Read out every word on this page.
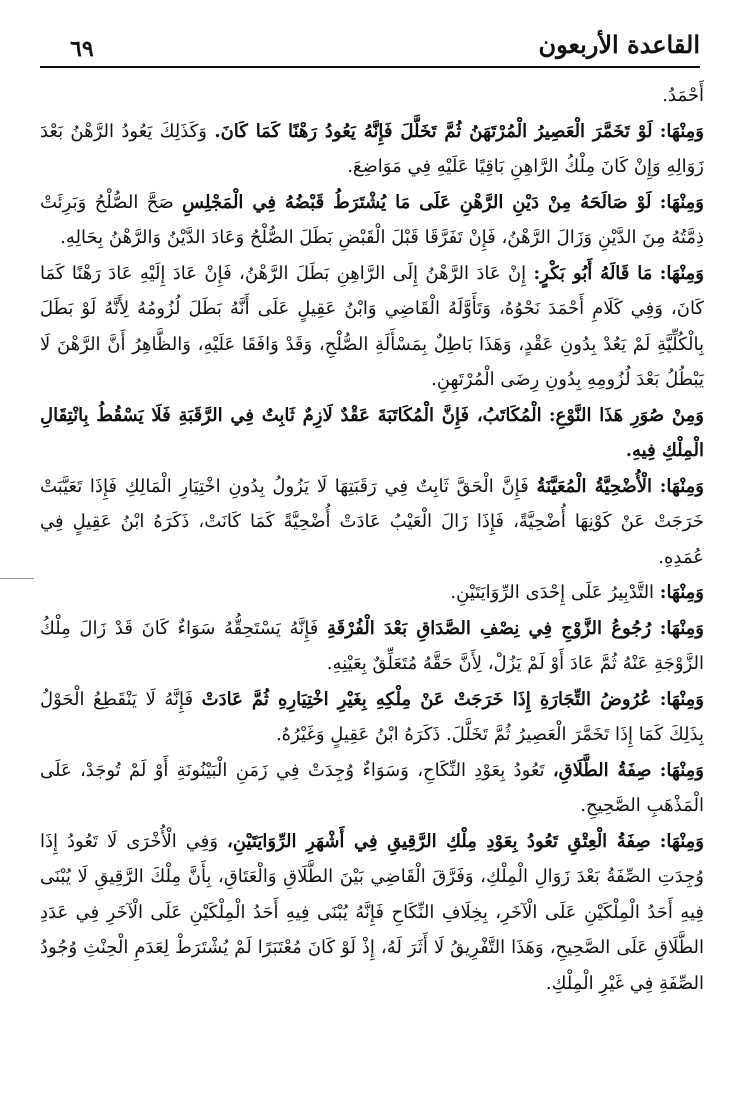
٦٩	القاعدة الأربعون

أَحْمَدُ.

وَمِنْهَا: لَوْ تَخَمَّرَ الْعَصِيرُ الْمُرْتَهَنُ ثُمَّ تَخَلَّلَ فَإِنَّهُ يَعُودُ رَهْنًا كَمَا كَانَ. وَكَذَلِكَ يَعُودُ الرَّهْنُ بَعْدَ زَوَالِهِ وَإِنْ كَانَ مِلْكُ الرَّاهِنِ بَاقِيًا عَلَيْهِ فِي مَوَاضِعَ.

وَمِنْهَا: لَوْ صَالَحَهُ مِنْ دَيْنِ الرَّهْنِ عَلَى مَا يُشْتَرَطُ قَبْضُهُ فِي الْمَجْلِسِ صَحَّ الصُّلْحُ وَبَرِئَتْ ذِمَّتُهُ مِنَ الدَّيْنِ وَزَالَ الرَّهْنُ، فَإِنْ تَفَرَّقَا قَبْلَ الْقَبْضِ بَطَلَ الصُّلْحُ وَعَادَ الدَّيْنُ وَالرَّهْنُ بِحَالِهِ.

وَمِنْهَا: مَا قَالَهُ أَبُو بَكْرٍ: إِنْ عَادَ الرَّهْنُ إِلَى الرَّاهِنِ بَطَلَ الرَّهْنُ، فَإِنْ عَادَ إِلَيْهِ عَادَ رَهْنًا كَمَا كَانَ، وَفِي كَلَامِ أَحْمَدَ نَحْوُهُ، وَتَأَوَّلَهُ الْقَاضِي وَابْنُ عَقِيلٍ عَلَى أَنَّهُ بَطَلَ لُزُومُهُ لِأَنَّهُ لَوْ بَطَلَ بِالْكُلِّيَّةِ لَمْ يَعُدْ بِدُونِ عَقْدٍ، وَهَذَا بَاطِلٌ بِمَسْأَلَةِ الصُّلْحِ، وَقَدْ وَافَقَا عَلَيْهِ، وَالظَّاهِرُ أَنَّ الرَّهْنَ لَا يَبْطُلُ بَعْدَ لُزُومِهِ بِدُونِ رِضَى الْمُرْتَهِنِ.

وَمِنْ صُوَرِ هَذَا النَّوْعِ: الْمُكَاتَبُ، فَإِنَّ الْمُكَاتَبَةَ عَقْدٌ لَازِمٌ ثَابِتٌ فِي الرَّقَبَةِ فَلَا يَسْقُطُ بِانْتِقَالِ الْمِلْكِ فِيهِ.

وَمِنْهَا: الْأُضْحِيَّةُ الْمُعَيَّنَةُ فَإِنَّ الْحَقَّ ثَابِتٌ فِي رَقَبَتِهَا لَا يَزُولُ بِدُونِ اخْتِيَارِ الْمَالِكِ فَإِذَا تَعَيَّبَتْ خَرَجَتْ عَنْ كَوْنِهَا أُضْحِيَّةً، فَإِذَا زَالَ الْعَيْبُ عَادَتْ أُضْحِيَّةً كَمَا كَانَتْ، ذَكَرَهُ ابْنُ عَقِيلٍ فِي عُمَدِهِ.

وَمِنْهَا: التَّدْبِيرُ عَلَى إِحْدَى الرِّوَايَتَيْنِ.

وَمِنْهَا: رُجُوعُ الزَّوْجِ فِي نِصْفِ الصَّدَاقِ بَعْدَ الْفُرْقَةِ فَإِنَّهُ يَسْتَحِقُّهُ سَوَاءٌ كَانَ قَدْ زَالَ مِلْكُ الزَّوْجَةِ عَنْهُ ثُمَّ عَادَ أَوْ لَمْ يَزُلْ، لِأَنَّ حَقَّهُ مُتَعَلِّقٌ بِعَيْنِهِ.

وَمِنْهَا: عُرُوضُ التِّجَارَةِ إِذَا خَرَجَتْ عَنْ مِلْكِهِ بِغَيْرِ اخْتِيَارِهِ ثُمَّ عَادَتْ فَإِنَّهُ لَا يَنْقَطِعُ الْحَوْلُ بِذَلِكَ كَمَا إِذَا تَخَمَّرَ الْعَصِيرُ ثُمَّ تَخَلَّلَ. ذَكَرَهُ ابْنُ عَقِيلٍ وَغَيْرُهُ.

وَمِنْهَا: صِفَةُ الطَّلَاقِ، تَعُودُ بِعَوْدِ النِّكَاحِ، وَسَوَاءٌ وُجِدَتْ فِي زَمَنِ الْبَيْنُونَةِ أَوْ لَمْ تُوجَدْ، عَلَى الْمَذْهَبِ الصَّحِيحِ.

وَمِنْهَا: صِفَةُ الْعِتْقِ تَعُودُ بِعَوْدِ مِلْكِ الرَّقِيقِ فِي أَشْهَرِ الرِّوَايَتَيْنِ، وَفِي الْأُخْرَى لَا تَعُودُ إِذَا وُجِدَتِ الصِّفَةُ بَعْدَ زَوَالِ الْمِلْكِ، وَفَرَّقَ الْقَاضِي بَيْنَ الطَّلَاقِ وَالْعَتَاقِ، بِأَنَّ مِلْكَ الرَّقِيقِ لَا يُبْنَى فِيهِ أَحَدُ الْمِلْكَيْنِ عَلَى الْآخَرِ، بِخِلَافِ النِّكَاحِ فَإِنَّهُ يُبْنَى فِيهِ أَحَدُ الْمِلْكَيْنِ عَلَى الْآخَرِ فِي عَدَدِ الطَّلَاقِ عَلَى الصَّحِيحِ، وَهَذَا التَّفْرِيقُ لَا أَثَرَ لَهُ، إِذْ لَوْ كَانَ مُعْتَبَرًا لَمْ يُشْتَرَطْ لِعَدَمِ الْحِنْثِ وُجُودُ الصِّفَةِ فِي غَيْرِ الْمِلْكِ.
